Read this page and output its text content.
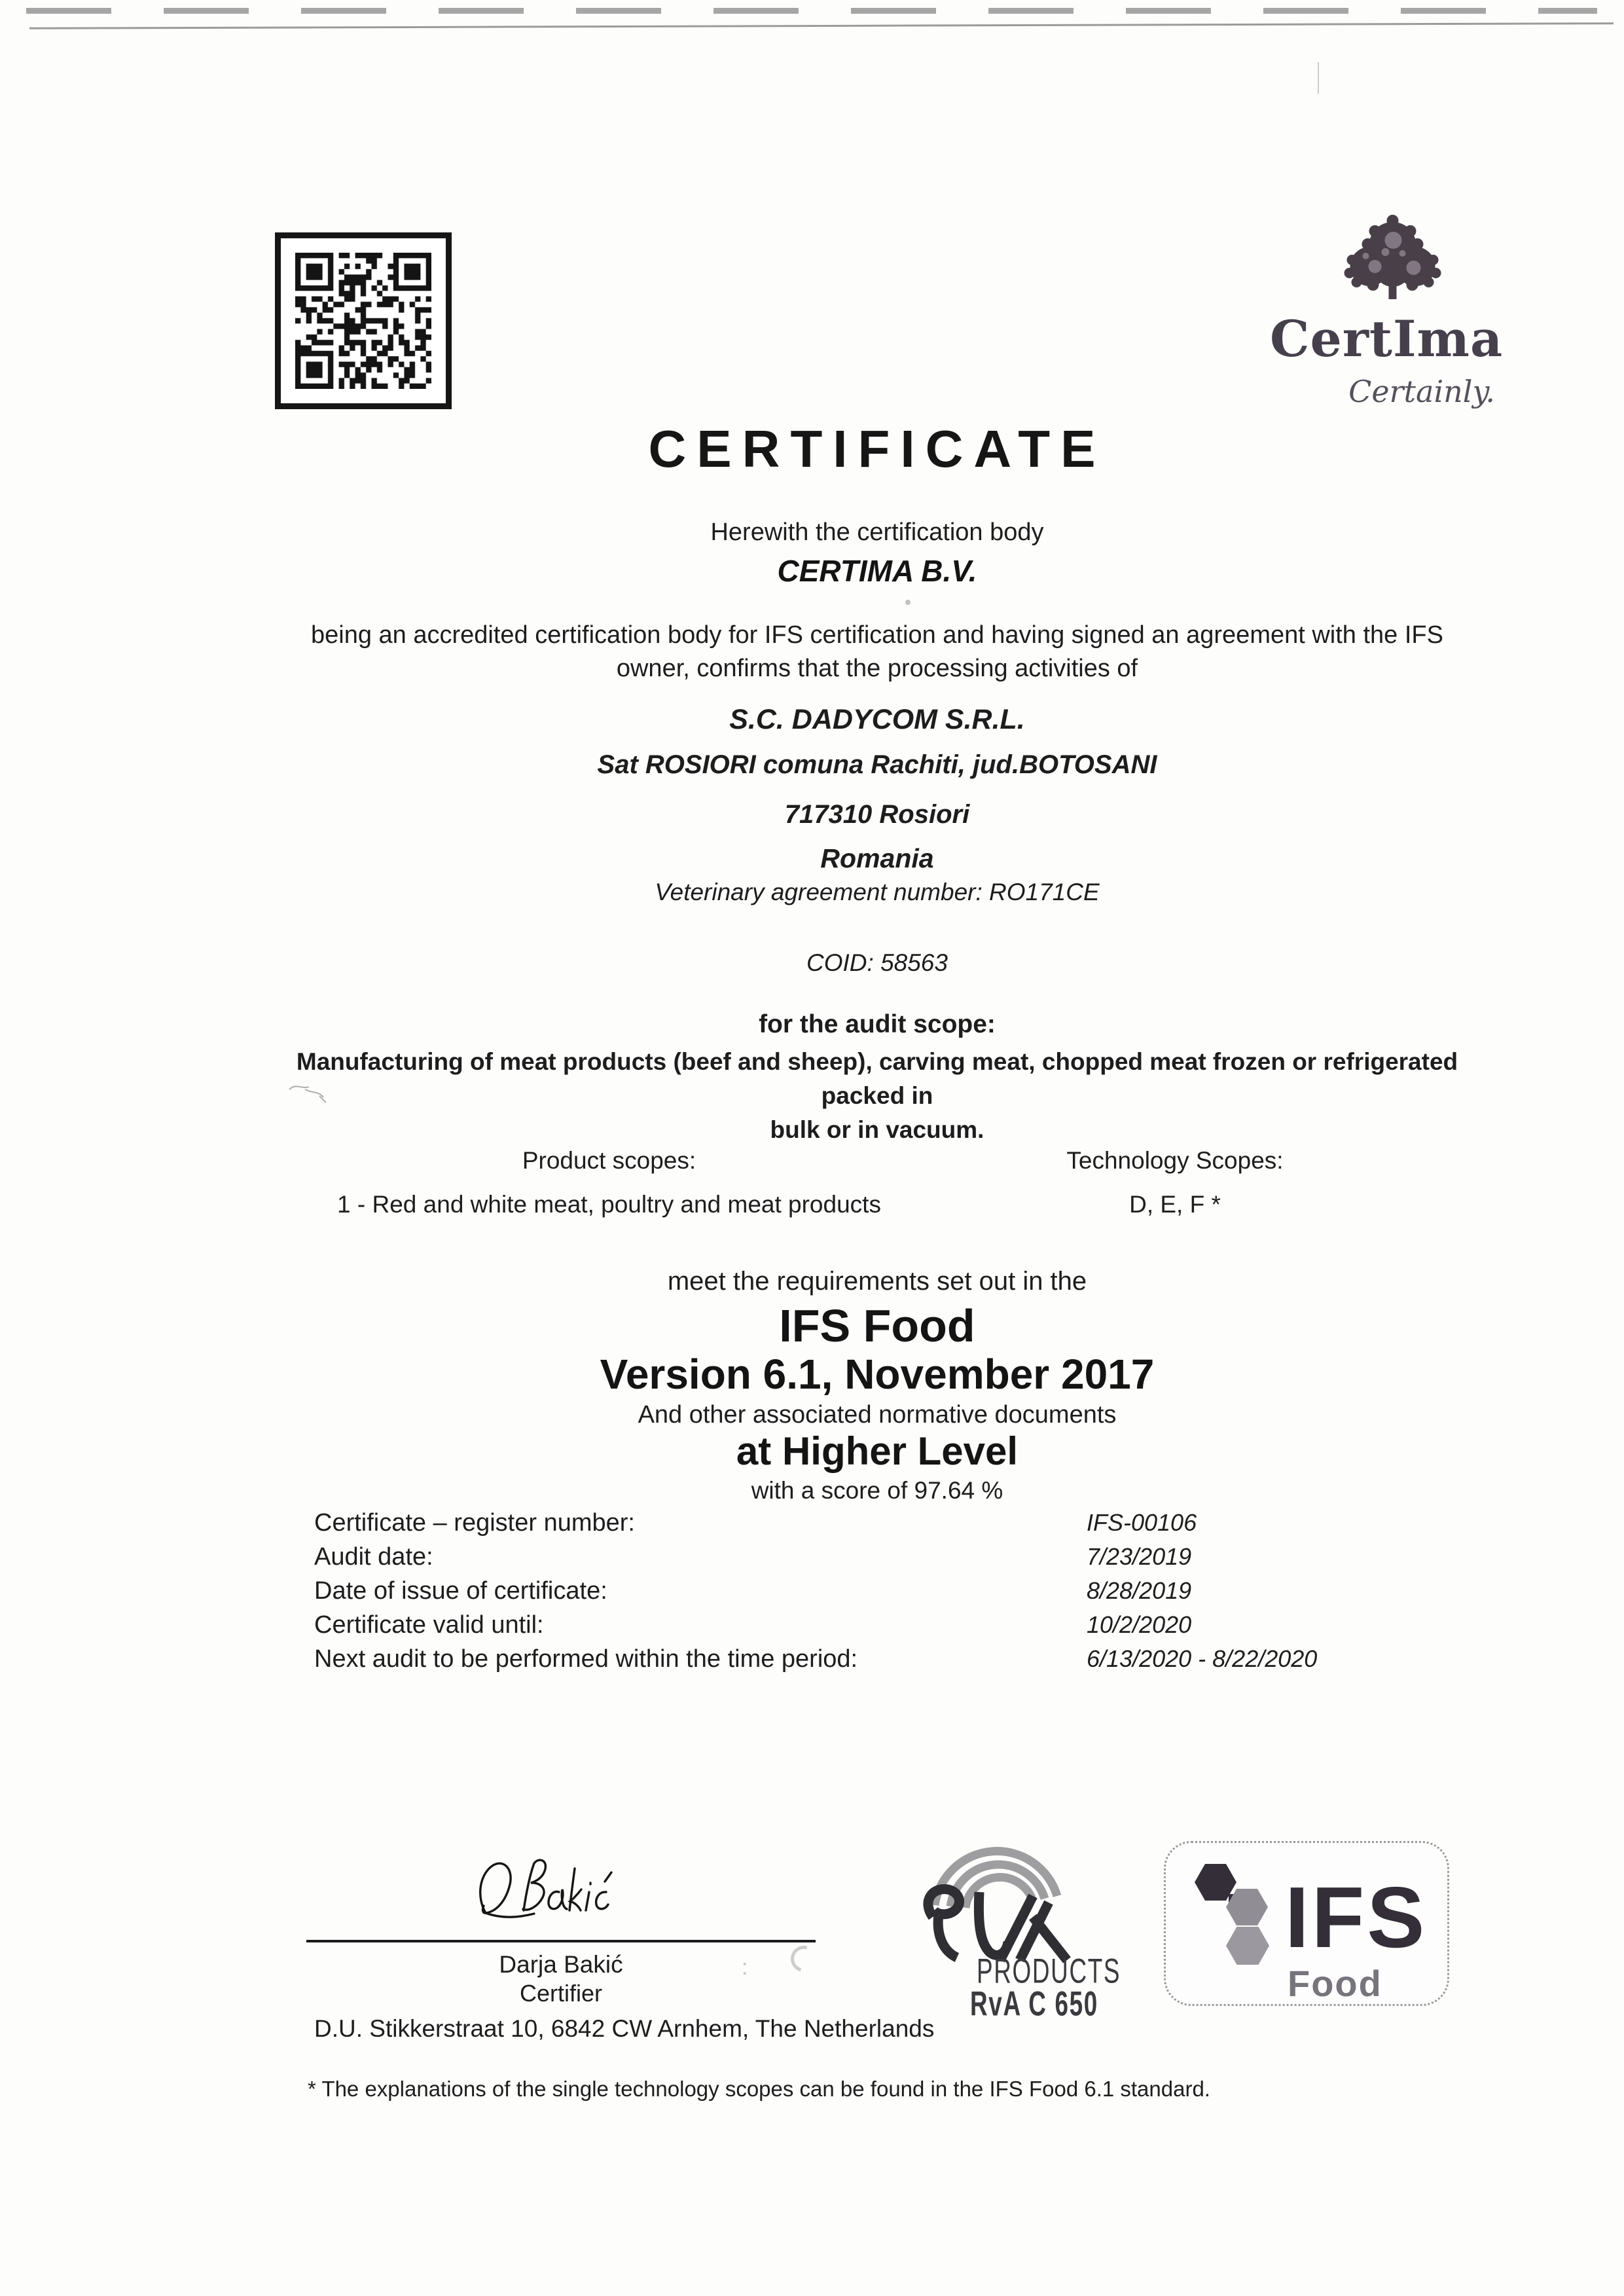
CertIma
Certainly.
CERTIFICATE
Herewith the certification body
CERTIMA B.V.
being an accredited certification body for IFS certification and having signed an agreement with the IFS
owner, confirms that the processing activities of
S.C. DADYCOM S.R.L.
Sat ROSIORI comuna Rachiti, jud.BOTOSANI
717310 Rosiori
Romania
Veterinary agreement number: RO171CE
COID: 58563
for the audit scope:
Manufacturing of meat products (beef and sheep), carving meat, chopped meat frozen or refrigerated packed in
bulk or in vacuum.
Product scopes:
1 - Red and white meat, poultry and meat products
Technology Scopes:
D, E, F *
meet the requirements set out in the
IFS Food
Version 6.1, November 2017
And other associated normative documents
at Higher Level
with a score of 97.64 %
Certificate – register number:	IFS-00106
Audit date:	7/23/2019
Date of issue of certificate:	8/28/2019
Certificate valid until:	10/2/2020
Next audit to be performed within the time period:	6/13/2020 - 8/22/2020
Darja Bakić
Certifier
:
D.U. Stikkerstraat 10, 6842 CW Arnhem, The Netherlands
PRODUCTS
RvA C 650
IFS
Food
* The explanations of the single technology scopes can be found in the IFS Food 6.1 standard.
